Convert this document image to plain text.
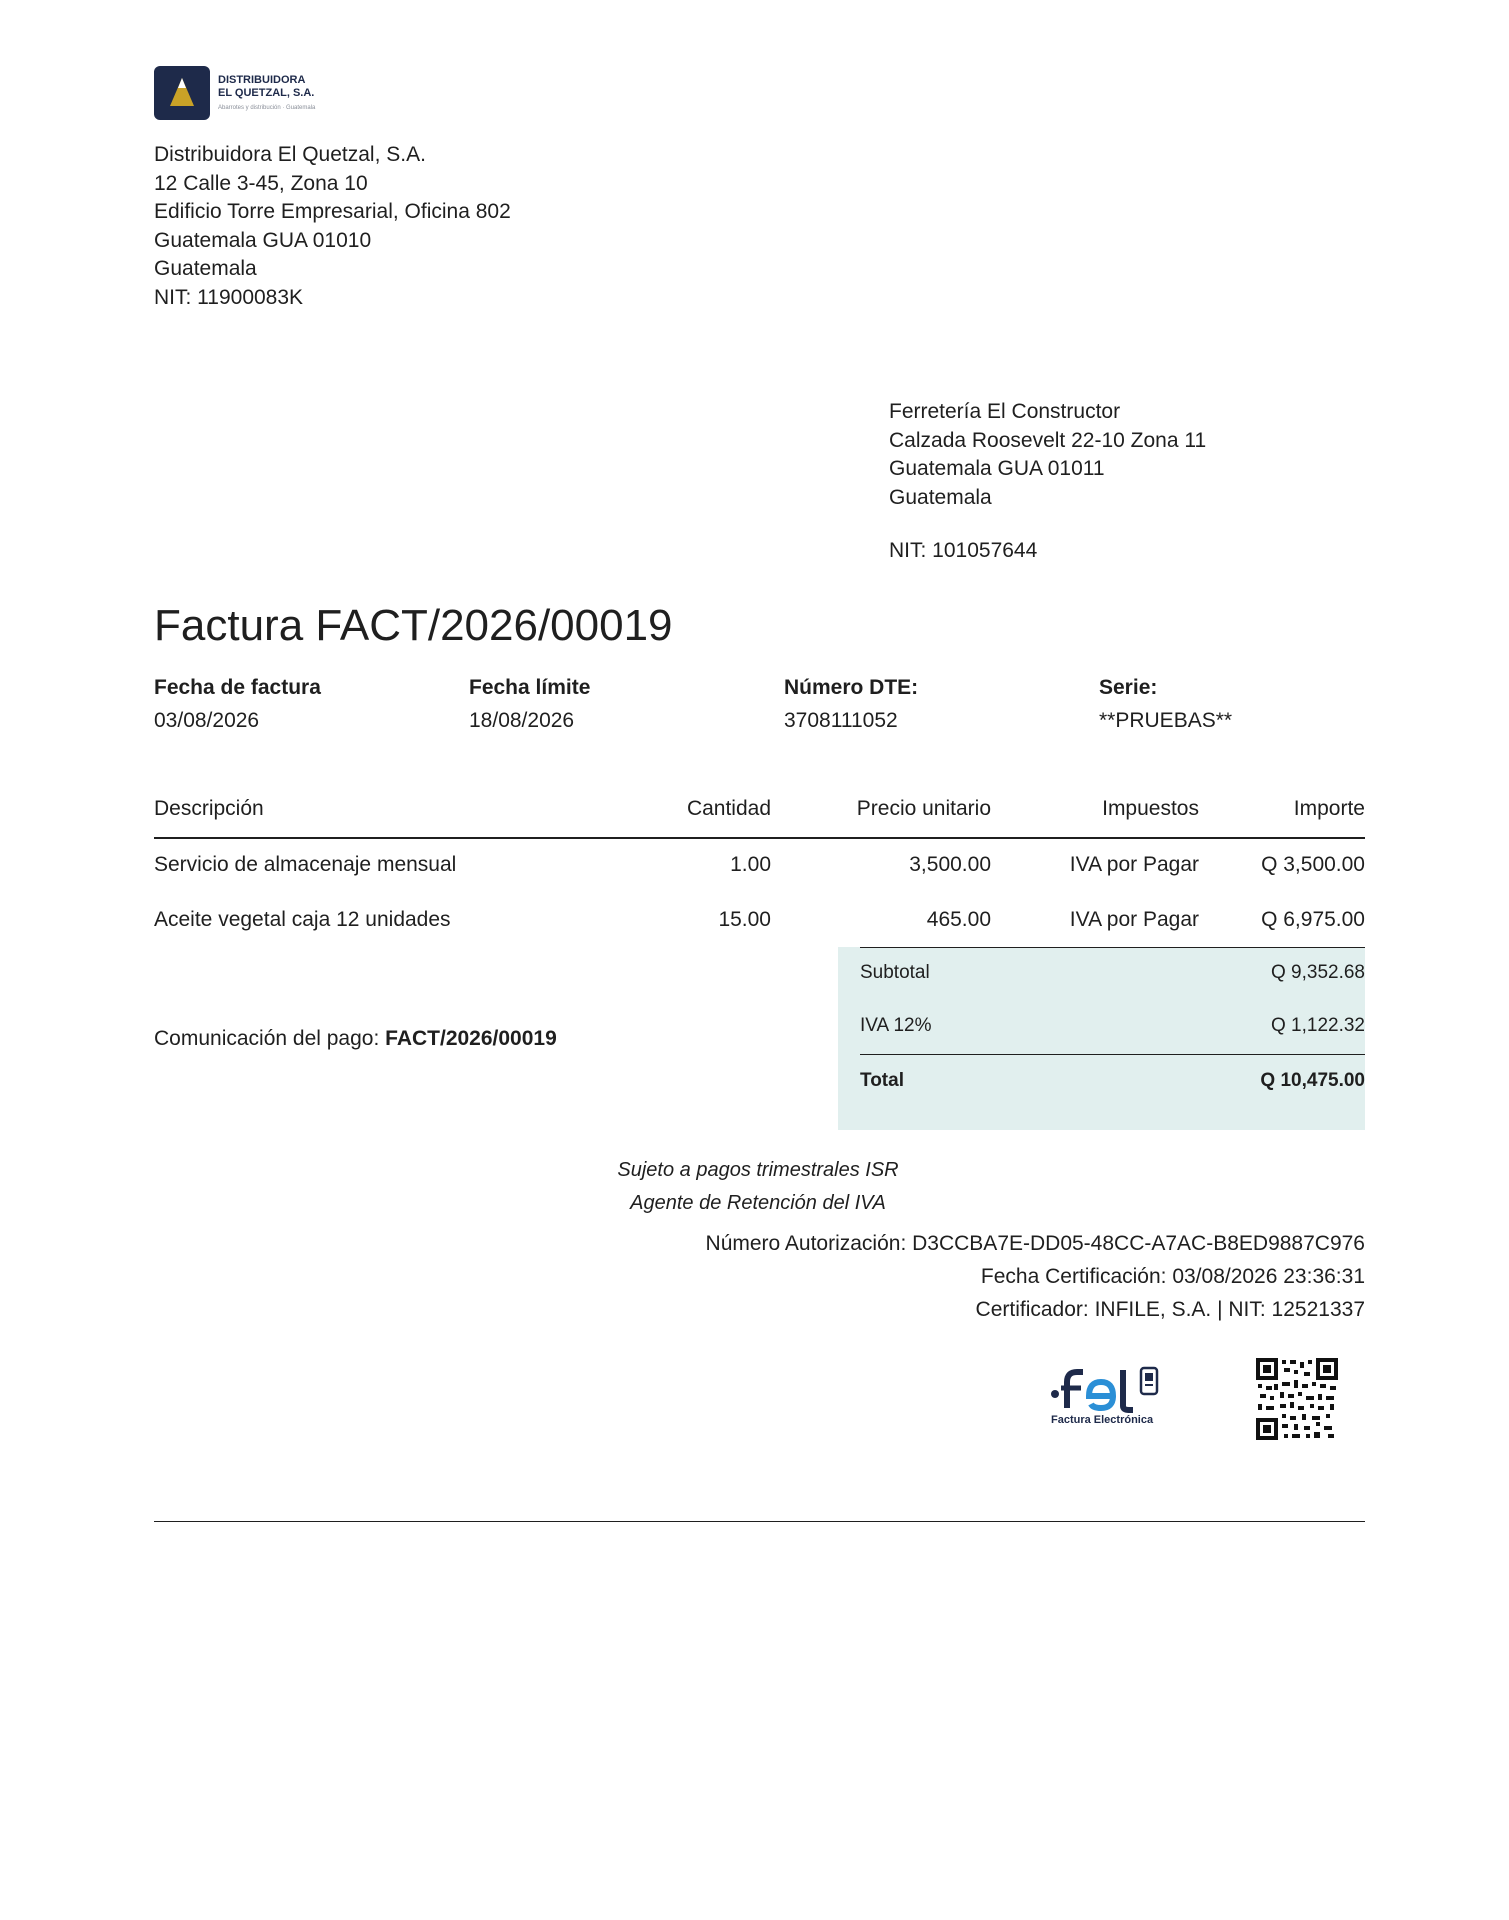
DISTRIBUIDORA
EL QUETZAL, S.A.
Abarrotes y distribución · Guatemala
Distribuidora El Quetzal, S.A.
12 Calle 3-45, Zona 10
Edificio Torre Empresarial, Oficina 802
Guatemala GUA 01010
Guatemala
NIT: 11900083K
Ferretería El Constructor
Calzada Roosevelt 22-10 Zona 11
Guatemala GUA 01011
Guatemala
NIT: 101057644
Factura FACT/2026/00019
Fecha de factura
03/08/2026
Fecha límite
18/08/2026
Número DTE:
3708111052
Serie:
**PRUEBAS**
Descripción	Cantidad	Precio unitario	Impuestos	Importe
Servicio de almacenaje mensual	1.00	3,500.00	IVA por Pagar	Q 3,500.00
Aceite vegetal caja 12 unidades	15.00	465.00	IVA por Pagar	Q 6,975.00
Subtotal	Q 9,352.68
IVA 12%	Q 1,122.32
Total	Q 10,475.00
Comunicación del pago: FACT/2026/00019
Sujeto a pagos trimestrales ISR
Agente de Retención del IVA
Número Autorización: D3CCBA7E-DD05-48CC-A7AC-B8ED9887C976
Fecha Certificación: 03/08/2026 23:36:31
Certificador: INFILE, S.A. | NIT: 12521337
Factura Electrónica
